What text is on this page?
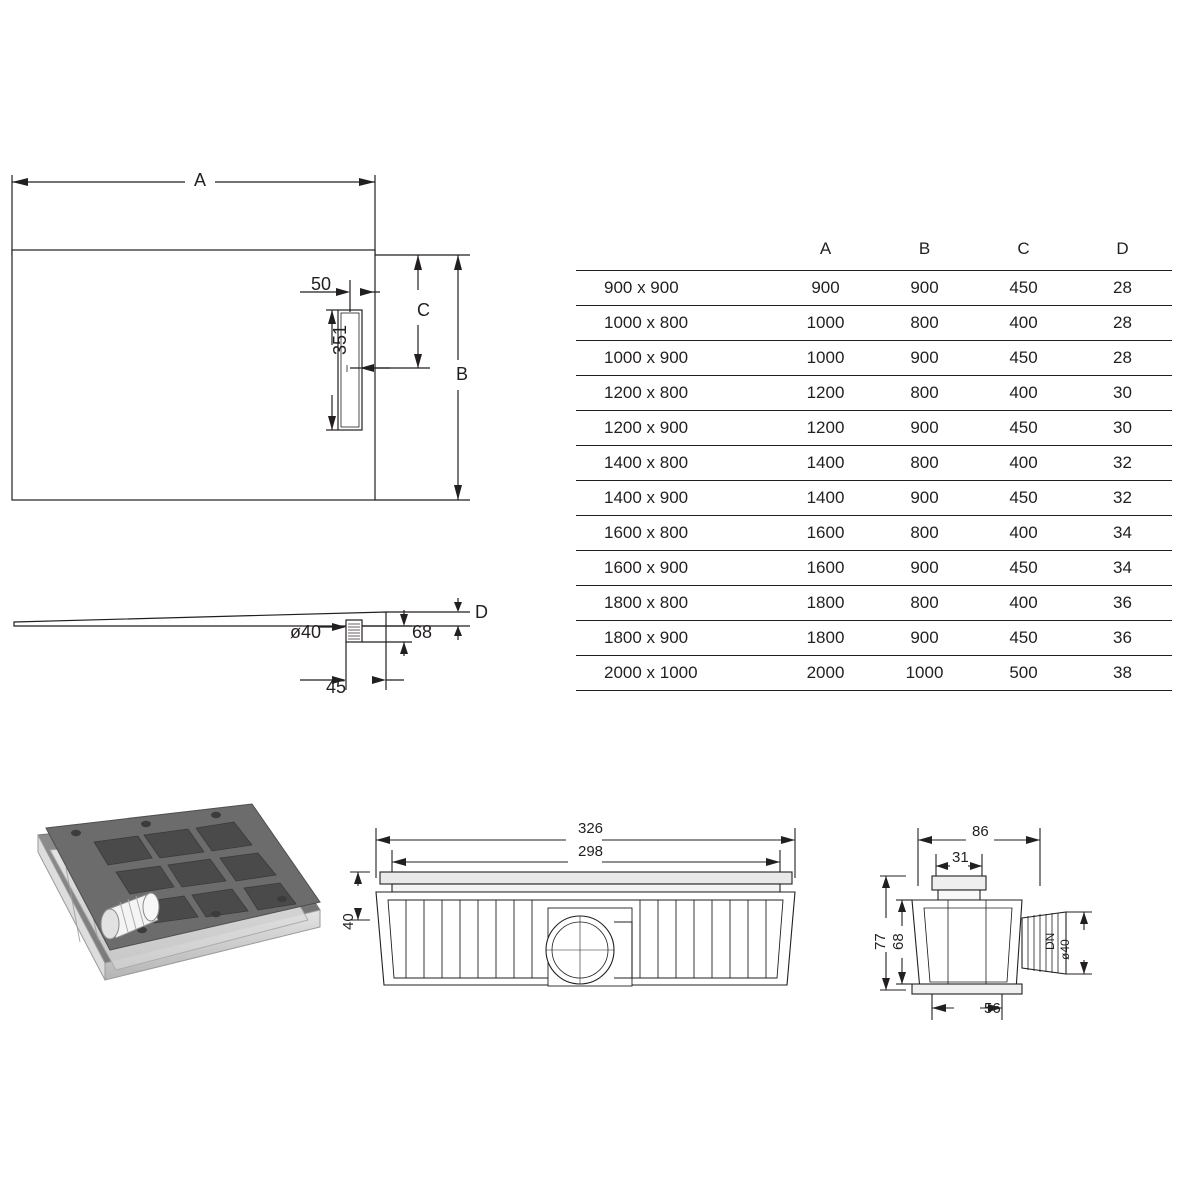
A
50
351
C
B
ø40	68
D
45
	A	B	C	D
900 x 900	900	900	450	28
1000 x 800	1000	800	400	28
1000 x 900	1000	900	450	28
1200 x 800	1200	800	400	30
1200 x 900	1200	900	450	30
1400 x 800	1400	800	400	32
1400 x 900	1400	900	450	32
1600 x 800	1600	800	400	34
1600 x 900	1600	900	450	34
1800 x 800	1800	800	400	36
1800 x 900	1800	900	450	36
2000 x 1000	2000	1000	500	38
326
298
40
86
31
77 68
56
DN ø40
